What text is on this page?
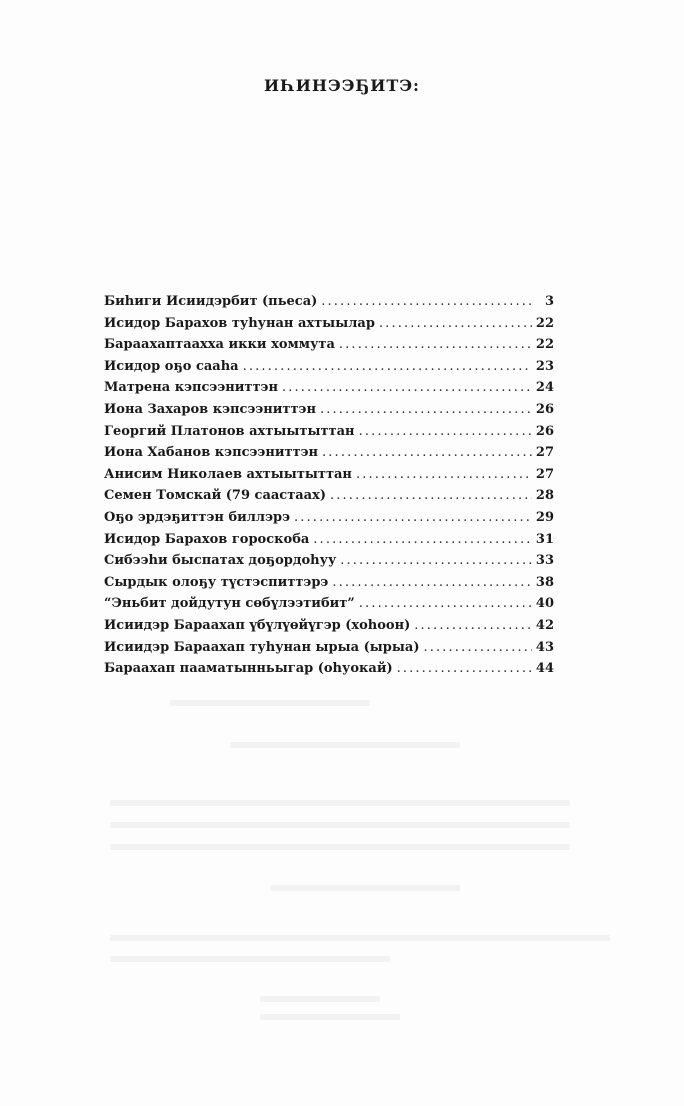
ИҺИНЭЭҔИТЭ:
Биһиги Исиидэрбит (пьеса) . . .	3
Исидор Барахов туһунан ахтыылар . . .	22
Бараахаптаахха икки хоммута . . .	22
Исидор оҕо сааһа . . .	23
Матрена кэпсээниттэн . . .	24
Иона Захаров кэпсээниттэн . . .	26
Георгий Платонов ахтыытыттан . . .	26
Иона Хабанов кэпсээниттэн . . .	27
Анисим Николаев ахтыытыттан . . .	27
Семен Томскай (79 сaастаах) . . .	28
Оҕо эрдэҕиттэн биллэрэ . . .	29
Исидор Барахов гороскоба . . .	31
Сибээһи быспатах доҕордоһуу . . .	33
Сырдык олоҕу түстэспиттэрэ . . .	38
“Эньбит дойдутун сөбүлээтибит” . . .	40
Исиидэр Бараахап үбүлүөйүгэр (хоһоон) . . .	42
Исиидэр Бараахап туһунан ырыа (ырыа) . . .	43
Бараахап пааматынньыгар (оһуокай) . . .	44
